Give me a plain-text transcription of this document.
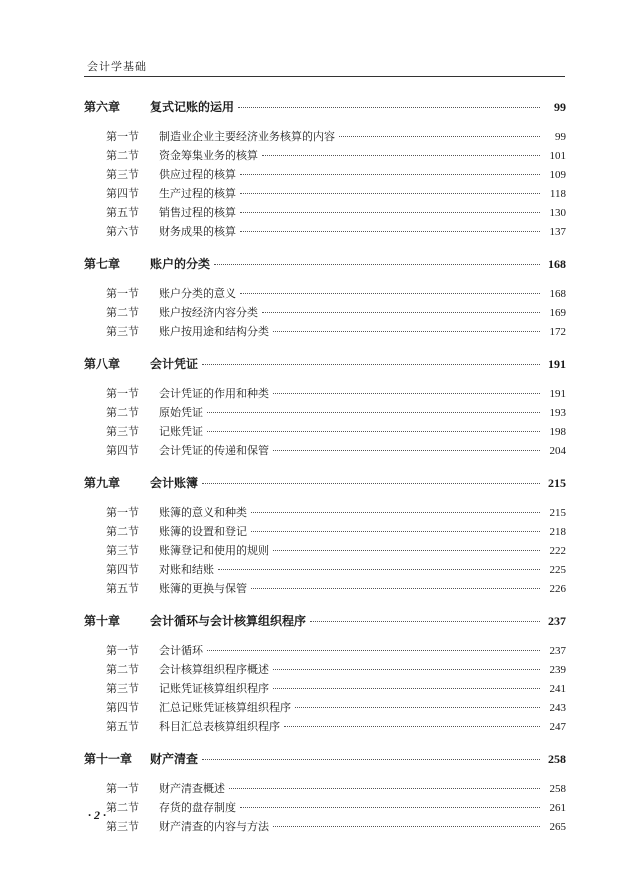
会计学基础
第六章	复式记账的运用	99
第一节	制造业企业主要经济业务核算的内容	99
第二节	资金筹集业务的核算	101
第三节	供应过程的核算	109
第四节	生产过程的核算	118
第五节	销售过程的核算	130
第六节	财务成果的核算	137
第七章	账户的分类	168
第一节	账户分类的意义	168
第二节	账户按经济内容分类	169
第三节	账户按用途和结构分类	172
第八章	会计凭证	191
第一节	会计凭证的作用和种类	191
第二节	原始凭证	193
第三节	记账凭证	198
第四节	会计凭证的传递和保管	204
第九章	会计账簿	215
第一节	账簿的意义和种类	215
第二节	账簿的设置和登记	218
第三节	账簿登记和使用的规则	222
第四节	对账和结账	225
第五节	账簿的更换与保管	226
第十章	会计循环与会计核算组织程序	237
第一节	会计循环	237
第二节	会计核算组织程序概述	239
第三节	记账凭证核算组织程序	241
第四节	汇总记账凭证核算组织程序	243
第五节	科目汇总表核算组织程序	247
第十一章	财产清查	258
第一节	财产清查概述	258
第二节	存货的盘存制度	261
第三节	财产清查的内容与方法	265
· 2 ·
